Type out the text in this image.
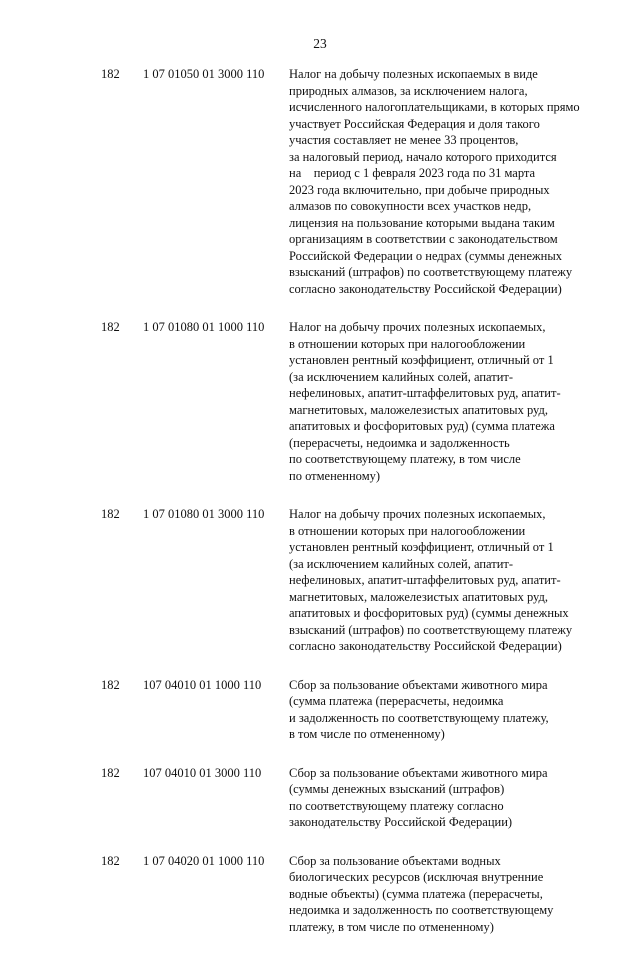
23
182 1 07 01050 01 3000 110 Налог на добычу полезных ископаемых в виде
природных алмазов, за исключением налога,
исчисленного налогоплательщиками, в которых прямо
участвует Российская Федерация и доля такого
участия составляет не менее 33 процентов,
за налоговый период, начало которого приходится
на    период с 1 февраля 2023 года по 31 марта
2023 года включительно, при добыче природных
алмазов по совокупности всех участков недр,
лицензия на пользование которыми выдана таким
организациям в соответствии с законодательством
Российской Федерации о недрах (суммы денежных
взысканий (штрафов) по соответствующему платежу
согласно законодательству Российской Федерации)
182 1 07 01080 01 1000 110 Налог на добычу прочих полезных ископаемых,
в отношении которых при налогообложении
установлен рентный коэффициент, отличный от 1
(за исключением калийных солей, апатит-
нефелиновых, апатит-штаффелитовых руд, апатит-
магнетитовых, маложелезистых апатитовых руд,
апатитовых и фосфоритовых руд) (сумма платежа
(перерасчеты, недоимка и задолженность
по соответствующему платежу, в том числе
по отмененному)
182 1 07 01080 01 3000 110 Налог на добычу прочих полезных ископаемых,
в отношении которых при налогообложении
установлен рентный коэффициент, отличный от 1
(за исключением калийных солей, апатит-
нефелиновых, апатит-штаффелитовых руд, апатит-
магнетитовых, маложелезистых апатитовых руд,
апатитовых и фосфоритовых руд) (суммы денежных
взысканий (штрафов) по соответствующему платежу
согласно законодательству Российской Федерации)
182 107 04010 01 1000 110 Сбор за пользование объектами животного мира
(сумма платежа (перерасчеты, недоимка
и задолженность по соответствующему платежу,
в том числе по отмененному)
182 107 04010 01 3000 110 Сбор за пользование объектами животного мира
(суммы денежных взысканий (штрафов)
по соответствующему платежу согласно
законодательству Российской Федерации)
182 1 07 04020 01 1000 110 Сбор за пользование объектами водных
биологических ресурсов (исключая внутренние
водные объекты) (сумма платежа (перерасчеты,
недоимка и задолженность по соответствующему
платежу, в том числе по отмененному)
